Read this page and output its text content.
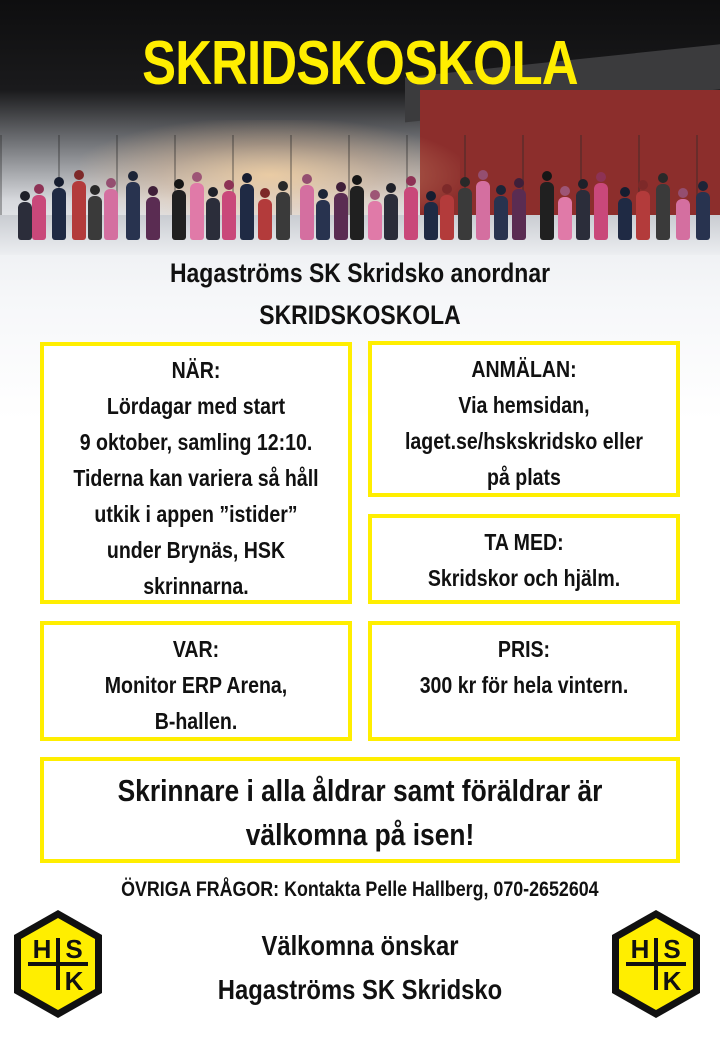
SKRIDSKOSKOLA
Hagaströms SK Skridsko anordnar
SKRIDSKOSKOLA
NÄR:
Lördagar med start
9 oktober, samling 12:10.
Tiderna kan variera så håll
utkik i appen ”istider”
under Brynäs, HSK
skrinnarna.
ANMÄLAN:
Via hemsidan,
laget.se/hskskridsko eller
på plats
TA MED:
Skridskor och hjälm.
VAR:
Monitor ERP Arena,
B-hallen.
PRIS:
300 kr för hela vintern.
Skrinnare i alla åldrar samt föräldrar är
välkomna på isen!
ÖVRIGA FRÅGOR: Kontakta Pelle Hallberg, 070-2652604
Välkomna önskar
Hagaströms SK Skridsko
H S
K
H S
K
